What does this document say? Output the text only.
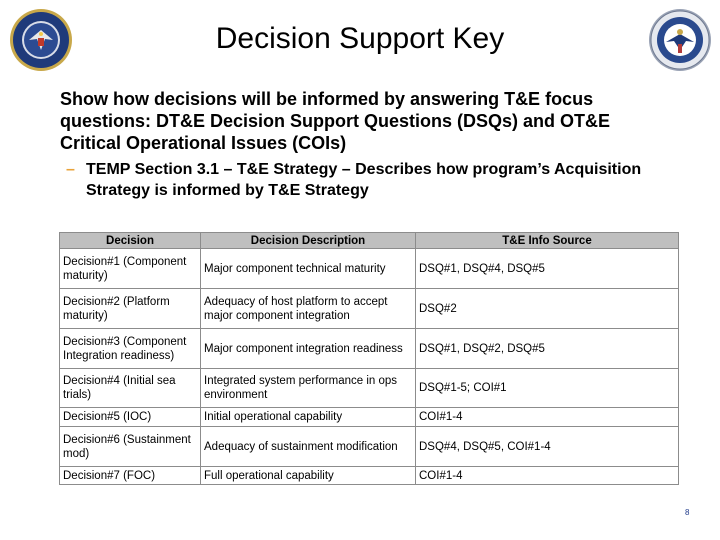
Decision Support Key

Show how decisions will be informed by answering T&E focus questions: DT&E Decision Support Questions (DSQs) and OT&E Critical Operational Issues (COIs)

– TEMP Section 3.1 – T&E Strategy – Describes how program’s Acquisition Strategy is informed by T&E Strategy
Decision	Decision Description	T&E Info Source
Decision#1 (Component maturity)	Major component technical maturity	DSQ#1, DSQ#4, DSQ#5
Decision#2 (Platform maturity)	Adequacy of host platform to accept major component integration	DSQ#2
Decision#3 (Component Integration readiness)	Major component integration readiness	DSQ#1, DSQ#2, DSQ#5
Decision#4 (Initial sea trials)	Integrated system performance in ops environment	DSQ#1-5; COI#1
Decision#5 (IOC)	Initial operational capability	COI#1-4
Decision#6 (Sustainment mod)	Adequacy of sustainment modification	DSQ#4, DSQ#5, COI#1-4
Decision#7 (FOC)	Full operational capability	COI#1-4
8
